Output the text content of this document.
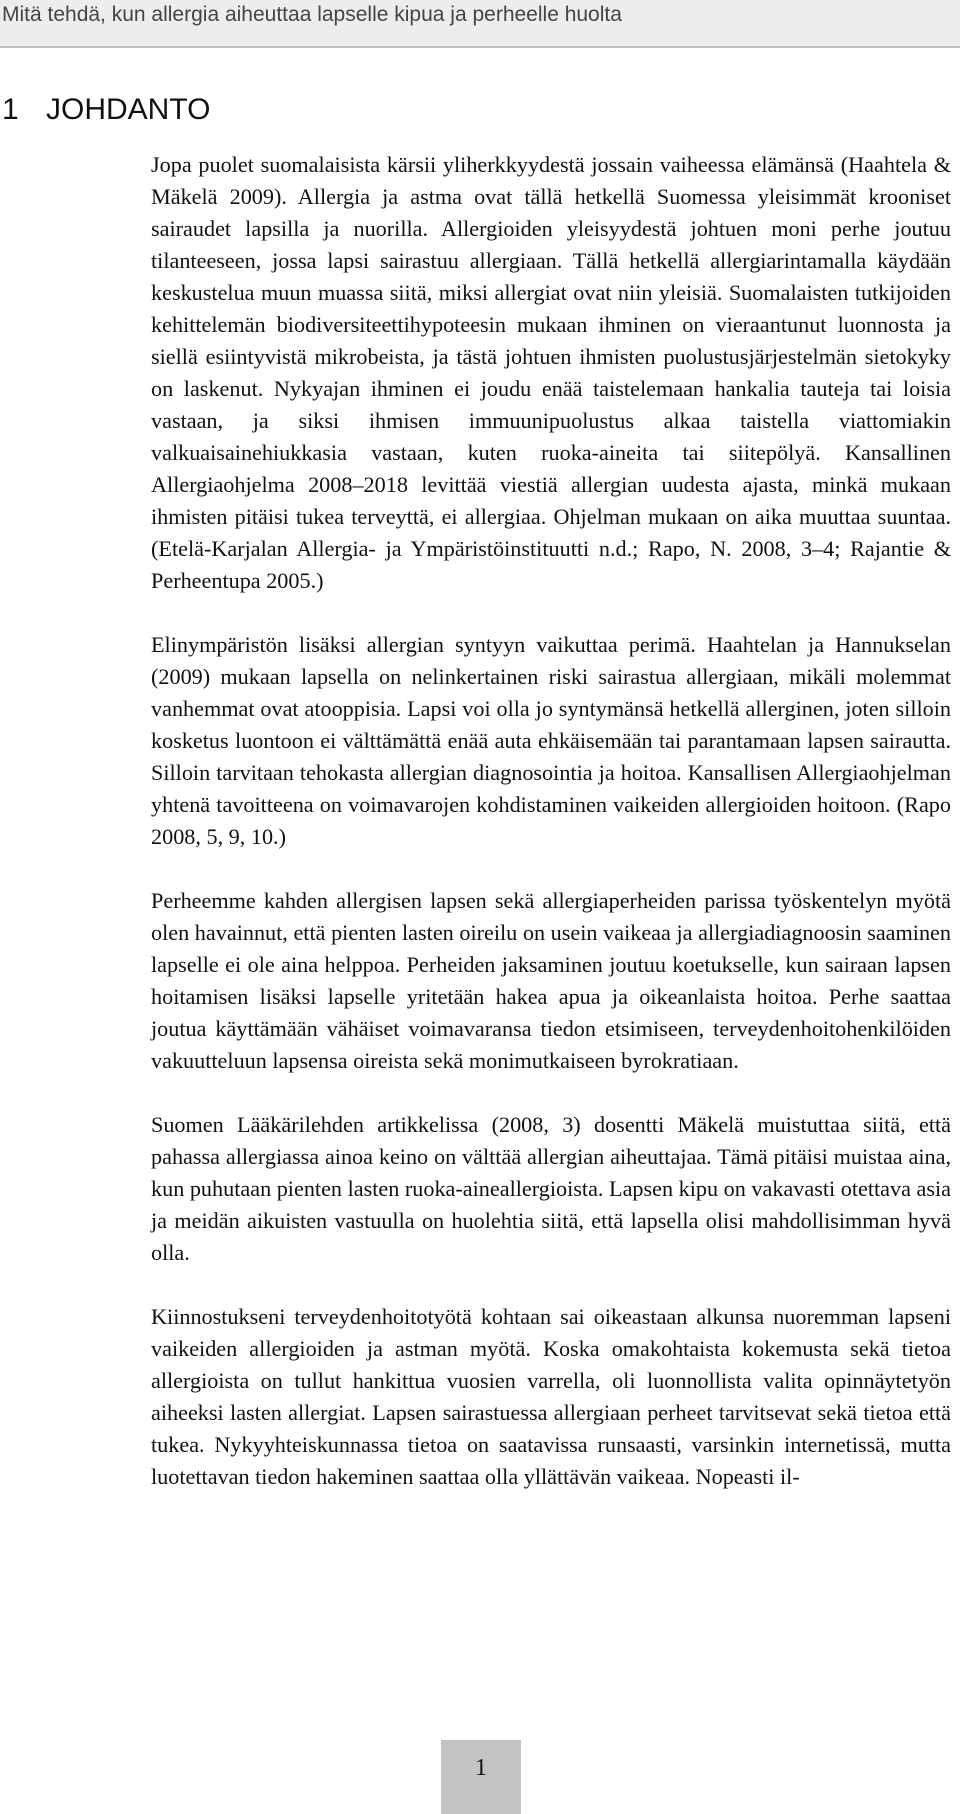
Mitä tehdä, kun allergia aiheuttaa lapselle kipua ja perheelle huolta
1 JOHDANTO

Jopa puolet suomalaisista kärsii yliherkkyydestä jossain vaiheessa elämänsä (Haahtela & Mäkelä 2009). Allergia ja astma ovat tällä hetkellä Suomessa yleisimmät krooniset sairaudet lapsilla ja nuorilla. Allergioiden yleisyydestä johtuen moni perhe joutuu tilanteeseen, jossa lapsi sairastuu allergiaan. Tällä hetkellä allergiarintamalla käydään keskustelua muun muassa siitä, miksi allergiat ovat niin yleisiä. Suomalaisten tutkijoiden kehittelemän biodiversiteettihypoteesin mukaan ihminen on vieraantunut luonnosta ja siellä esiintyvistä mikrobeista, ja tästä johtuen ihmisten puolustusjärjestelmän sietokyky on laskenut. Nykyajan ihminen ei joudu enää taistelemaan hankalia tauteja tai loisia vastaan, ja siksi ihmisen immuunipuolustus alkaa taistella viattomiakin valkuaisainehiukkasia vastaan, kuten ruoka-aineita tai siitepölyä. Kansallinen Allergiaohjelma 2008–2018 levittää viestiä allergian uudesta ajasta, minkä mukaan ihmisten pitäisi tukea terveyttä, ei allergiaa. Ohjelman mukaan on aika muuttaa suuntaa. (Etelä-Karjalan Allergia- ja Ympäristöinstituutti n.d.; Rapo, N. 2008, 3–4; Rajantie & Perheentupa 2005.)

Elinympäristön lisäksi allergian syntyyn vaikuttaa perimä. Haahtelan ja Hannukselan (2009) mukaan lapsella on nelinkertainen riski sairastua allergiaan, mikäli molemmat vanhemmat ovat atooppisia. Lapsi voi olla jo syntymänsä hetkellä allerginen, joten silloin kosketus luontoon ei välttämättä enää auta ehkäisemään tai parantamaan lapsen sairautta. Silloin tarvitaan tehokasta allergian diagnosointia ja hoitoa. Kansallisen Allergiaohjelman yhtenä tavoitteena on voimavarojen kohdistaminen vaikeiden allergioiden hoitoon. (Rapo 2008, 5, 9, 10.)

Perheemme kahden allergisen lapsen sekä allergiaperheiden parissa työskentelyn myötä olen havainnut, että pienten lasten oireilu on usein vaikeaa ja allergiadiagnoosin saaminen lapselle ei ole aina helppoa. Perheiden jaksaminen joutuu koetukselle, kun sairaan lapsen hoitamisen lisäksi lapselle yritetään hakea apua ja oikeanlaista hoitoa. Perhe saattaa joutua käyttämään vähäiset voimavaransa tiedon etsimiseen, terveydenhoitohenkilöiden vakuutteluun lapsensa oireista sekä monimutkaiseen byrokratiaan.

Suomen Lääkärilehden artikkelissa (2008, 3) dosentti Mäkelä muistuttaa siitä, että pahassa allergiassa ainoa keino on välttää allergian aiheuttajaa. Tämä pitäisi muistaa aina, kun puhutaan pienten lasten ruoka-aineallergioista. Lapsen kipu on vakavasti otettava asia ja meidän aikuisten vastuulla on huolehtia siitä, että lapsella olisi mahdollisimman hyvä olla.

Kiinnostukseni terveydenhoitotyötä kohtaan sai oikeastaan alkunsa nuoremman lapseni vaikeiden allergioiden ja astman myötä. Koska omakohtaista kokemusta sekä tietoa allergioista on tullut hankittua vuosien varrella, oli luonnollista valita opinnäytetyön aiheeksi lasten allergiat. Lapsen sairastuessa allergiaan perheet tarvitsevat sekä tietoa että tukea. Nykyyhteiskunnassa tietoa on saatavissa runsaasti, varsinkin internetissä, mutta luotettavan tiedon hakeminen saattaa olla yllättävän vaikeaa. Nopeasti il-

1
